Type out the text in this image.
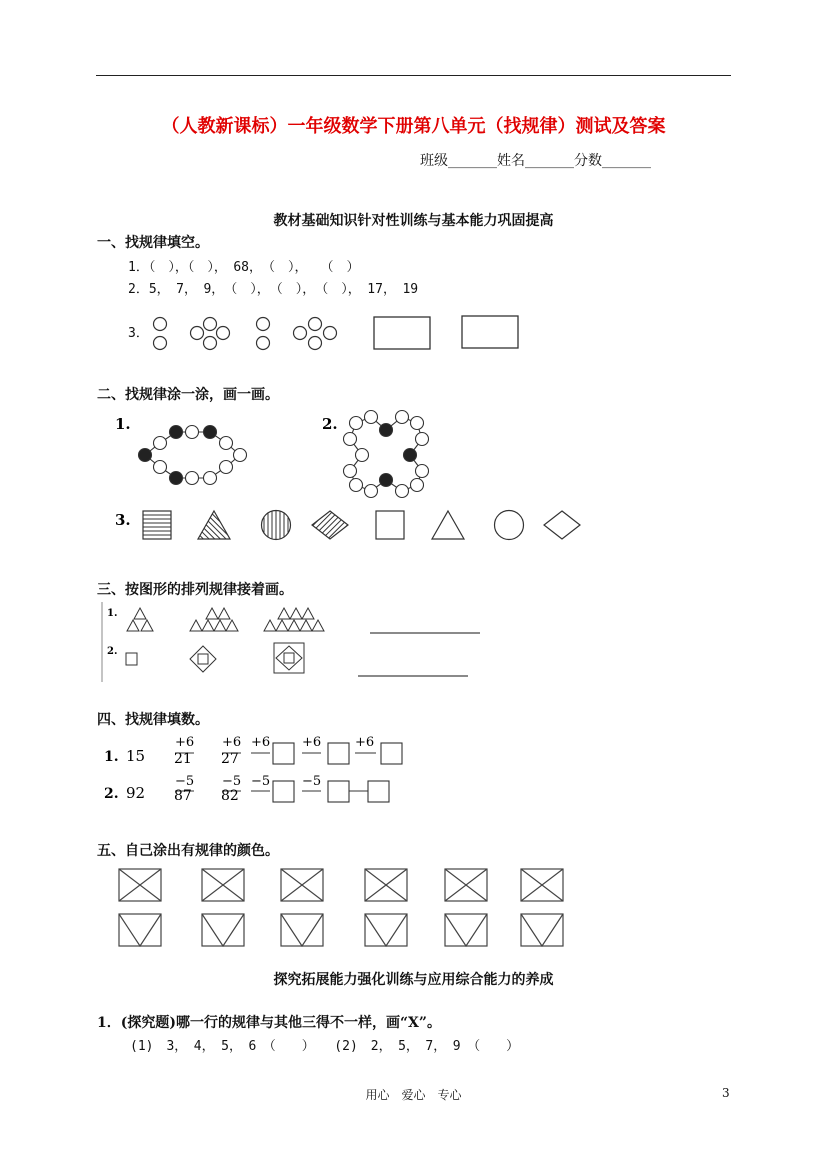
（人教新课标）一年级数学下册第八单元（找规律）测试及答案
班级_______姓名_______分数_______
教材基础知识针对性训练与基本能力巩固提高
一、找规律填空。
1．（　），（　），　68，　（　），　　（　）
2．5，　7，　9，　（　），　（　），　（　），　17，　19
3．
二、找规律涂一涂，画一画。
1.	2.
3.
三、按图形的排列规律接着画。
1.
2.
四、找规律填数。
1. 15
+6
21
+6
27
+6 +6	+6
2. 92
−5
87
−5
82
−5 −5
五、自己涂出有规律的颜色。
探究拓展能力强化训练与应用综合能力的养成
1．(探究题)哪一行的规律与其他三得不一样，画“X”。
(1)　3，　4，　5，　6　（　　）　　(2)　2，　5，　7，　9　（　　）
用心　爱心　专心	3
